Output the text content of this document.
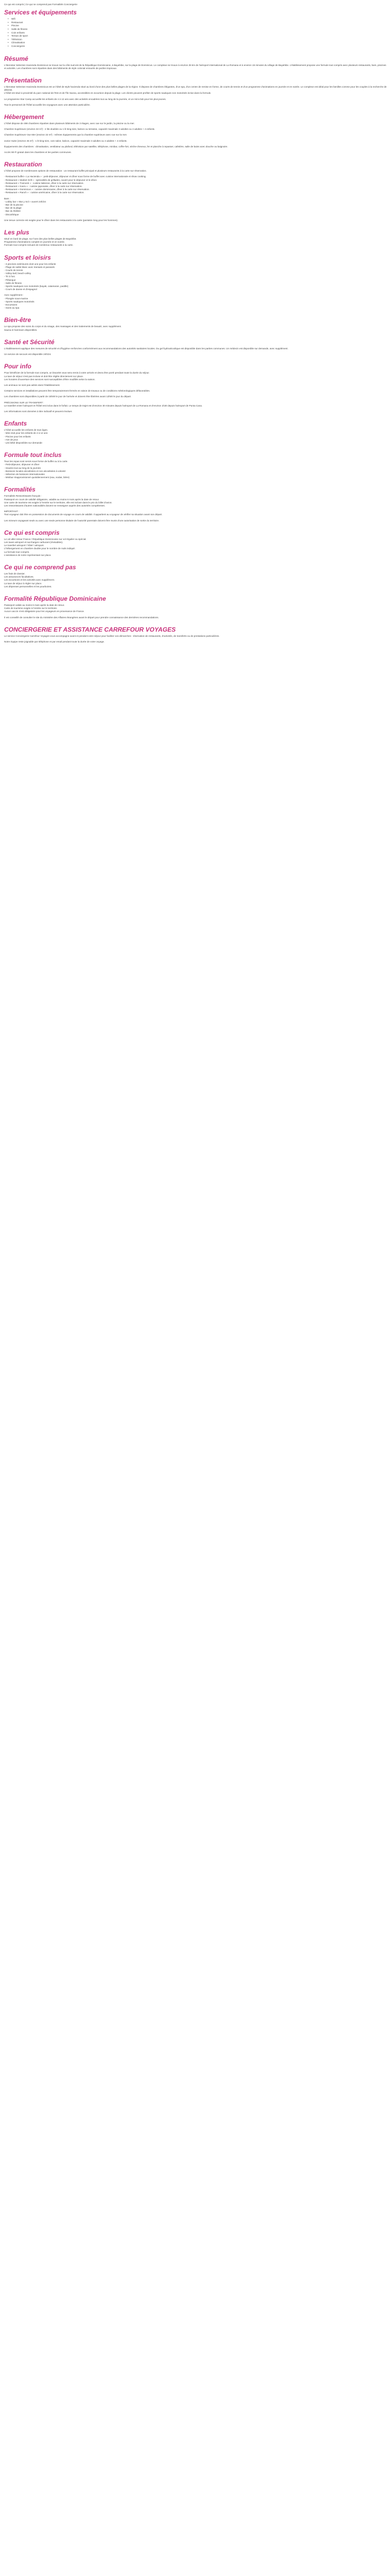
Ce qui est compris | Ce qui ne comprend pas Formalités Conciergerie
Services et équipements
• Wifi
• Restaurant
• Piscine
• Salle de fitness
• Coin enfants
• Terrain de sport
• Télévision
• Climatisation
• Conciergerie
Résumé
L'Iberostar Selection Hacienda Dominicus se trouve sur la côte sud-est de la République Dominicaine, à Bayahibe, sur la plage de Dominicus. Le complexe se trouve à environ 25 km de l'aéroport international de La Romana et à environ 15 minutes du village de Bayahibe. L'établissement propose une formule tout compris avec plusieurs restaurants, bars, piscines et activités. Les chambres sont réparties dans des bâtiments de style colonial entourés de jardins tropicaux.
Présentation
L'Iberostar Selection Hacienda Dominicus est un hôtel de style hacienda situé au bord d'une des plus belles plages de la région. Il dispose de chambres élégantes, d'un spa, d'un centre de remise en forme, de courts de tennis et d'un programme d'animations en journée et en soirée. Le complexe est idéal pour les familles comme pour les couples à la recherche de détente.
L'hôtel est situé à proximité du parc national de l'Est et de l'île Saona, accessibles en excursion depuis la plage. Les clients peuvent profiter de sports nautiques non motorisés inclus dans la formule.
Le programme Star Camp accueille les enfants de 4 à 12 ans avec des activités encadrées tout au long de la journée, et un mini-club pour les plus jeunes.
Tout le personnel de l'hôtel accueille les voyageurs avec une attention particulière.
Hébergement
L'hôtel dispose de 498 chambres réparties dans plusieurs bâtiments de 3 étages, avec vue sur le jardin, la piscine ou la mer.
Chambre Supérieure (environ 32 m²) : 2 lits doubles ou 1 lit king-size, balcon ou terrasse, capacité maximale 3 adultes ou 2 adultes + 2 enfants.
Chambre Supérieure Vue Mer (environ 32 m²) : mêmes équipements que la chambre supérieure avec vue sur la mer.
Junior Suite (environ 45 m²) : 1 lit king-size, coin salon, balcon, capacité maximale 3 adultes ou 2 adultes + 2 enfants.
Équipements des chambres : climatisation, ventilateur au plafond, télévision par satellite, téléphone, minibar, coffre-fort, sèche-cheveux, fer et planche à repasser, cafetière, salle de bains avec douche ou baignoire.
Accès Wi-Fi gratuit dans les chambres et les parties communes.
Restauration
L'hôtel propose de nombreuses options de restauration : un restaurant buffet principal et plusieurs restaurants à la carte sur réservation.
- Restaurant buffet « La Hacienda » : petit-déjeuner, déjeuner et dîner sous forme de buffet avec cuisine internationale et show cooking.
- Restaurant « Market Grill » : spécialités de grillades, ouvert pour le déjeuner et le dîner.
- Restaurant « Tramonti » : cuisine italienne, dîner à la carte sur réservation.
- Restaurant « Kaoru » : cuisine japonaise, dîner à la carte sur réservation.
- Restaurant « Dominicus » : cuisine dominicaine, dîner à la carte sur réservation.
- Restaurant « Ranch » : cuisine américaine, dîner à la carte sur réservation.
Bars :
- Lobby bar « Mar y Sol » ouvert 24h/24
- Bar de la piscine
- Bar de la plage
- Bar du théâtre
- Discothèque
Une tenue correcte est exigée pour le dîner dans les restaurants à la carte (pantalon long pour les hommes).
Les plus
Situé en bord de plage, sur l'une des plus belles plages de Bayahibe.
Programme d'animations complet en journée et en soirée.
Formule tout compris incluant de nombreux restaurants à la carte.
Sports et loisirs
- 3 piscines extérieures dont une pour les enfants
- Plage de sable blanc avec transats et parasols
- Courts de tennis
- Volley-ball, beach-volley
- Tir à l'arc
- Pétanque
- Salle de fitness
- Sports nautiques non motorisés (kayak, catamaran, paddle)
- Cours de danse et d'espagnol
Avec supplément :
- Plongée sous-marine
- Sports nautiques motorisés
- Excursions
- Soins au spa
Bien-être
Le spa propose des soins du corps et du visage, des massages et des traitements de beauté, avec supplément.
Sauna et hammam disponibles.
Santé et Sécurité
L'établissement applique des mesures de sécurité et d'hygiène renforcées conformément aux recommandations des autorités sanitaires locales. Du gel hydroalcoolique est disponible dans les parties communes. Un médecin est disponible sur demande, avec supplément.
Un service de secours est disponible 24h/24.
Pour info
Pour bénéficier de la formule tout compris, un bracelet vous sera remis à votre arrivée et devra être porté pendant toute la durée du séjour.
La taxe de séjour n'est pas incluse et doit être réglée directement sur place.
Les horaires d'ouverture des services sont susceptibles d'être modifiés selon la saison.
Les animaux ne sont pas admis dans l'établissement.
Certains services et installations peuvent être temporairement fermés en raison de travaux ou de conditions météorologiques défavorables.
Les chambres sont disponibles à partir de 15h00 le jour de l'arrivée et doivent être libérées avant 12h00 le jour du départ.
PRÉCISIONS SUR LE TRANSFERT :
Le transfert entre l'aéroport et l'hôtel est inclus dans le forfait. Le temps de trajet est d'environ 30 minutes depuis l'aéroport de La Romana et d'environ 1h30 depuis l'aéroport de Punta Cana.
Les informations sont données à titre indicatif et peuvent évoluer.
Enfants
L'hôtel accueille les enfants de tous âges.
- Mini-club pour les enfants de 4 à 12 ans
- Piscine pour les enfants
- Aire de jeux
- Lits bébé disponibles sur demande
Formule tout inclus
Tous les repas sont servis sous forme de buffet ou à la carte.
- Petit-déjeuner, déjeuner et dîner
- Snacks tout au long de la journée
- Boissons locales alcoolisées et non alcoolisées à volonté
- Sélection de boissons internationales
- Minibar réapprovisionné quotidiennement (eau, sodas, bière)
Formalités
Formalités Ressortissants français :
Passeport en cours de validité obligatoire, valable au moins 6 mois après la date de retour.
Une carte de tourisme est exigée à l'entrée sur le territoire, elle est incluse dans le prix du billet d'avion.
Les ressortissants d'autres nationalités doivent se renseigner auprès des autorités compétentes.
IMPORTANT :
Tout voyageur doit être en possession de documents de voyage en cours de validité. Il appartient au voyageur de vérifier sa situation avant son départ.
Les mineurs voyageant seuls ou avec une seule personne titulaire de l'autorité parentale doivent être munis d'une autorisation de sortie du territoire.
Ce qui est compris
Le vol aller-retour France / République Dominicaine sur vol régulier ou spécial.
Les taxes aéroport et surcharges carburant (révisables).
Le transfert aéroport / hôtel / aéroport.
L'hébergement en chambre double pour le nombre de nuits indiqué.
La formule tout compris.
L'assistance de notre représentant sur place.
Ce qui ne comprend pas
Les frais de dossier.
Les assurances facultatives.
Les excursions et les activités avec supplément.
La taxe de séjour à régler sur place.
Les dépenses personnelles et les pourboires.
Formalité République Dominicaine
Passeport valide au moins 6 mois après la date de retour.
Carte de tourisme exigée à l'entrée sur le territoire.
Aucun vaccin n'est obligatoire pour les voyageurs en provenance de France.
Il est conseillé de consulter le site du ministère des Affaires étrangères avant le départ pour prendre connaissance des dernières recommandations.
CONCIERGERIE ET ASSISTANCE CARREFOUR VOYAGES
Le service Conciergerie Carrefour Voyages vous accompagne avant et pendant votre séjour pour faciliter vos démarches : réservation de restaurants, d'activités, de transferts ou de prestations particulières.
Notre équipe reste joignable par téléphone et par email pendant toute la durée de votre voyage.
